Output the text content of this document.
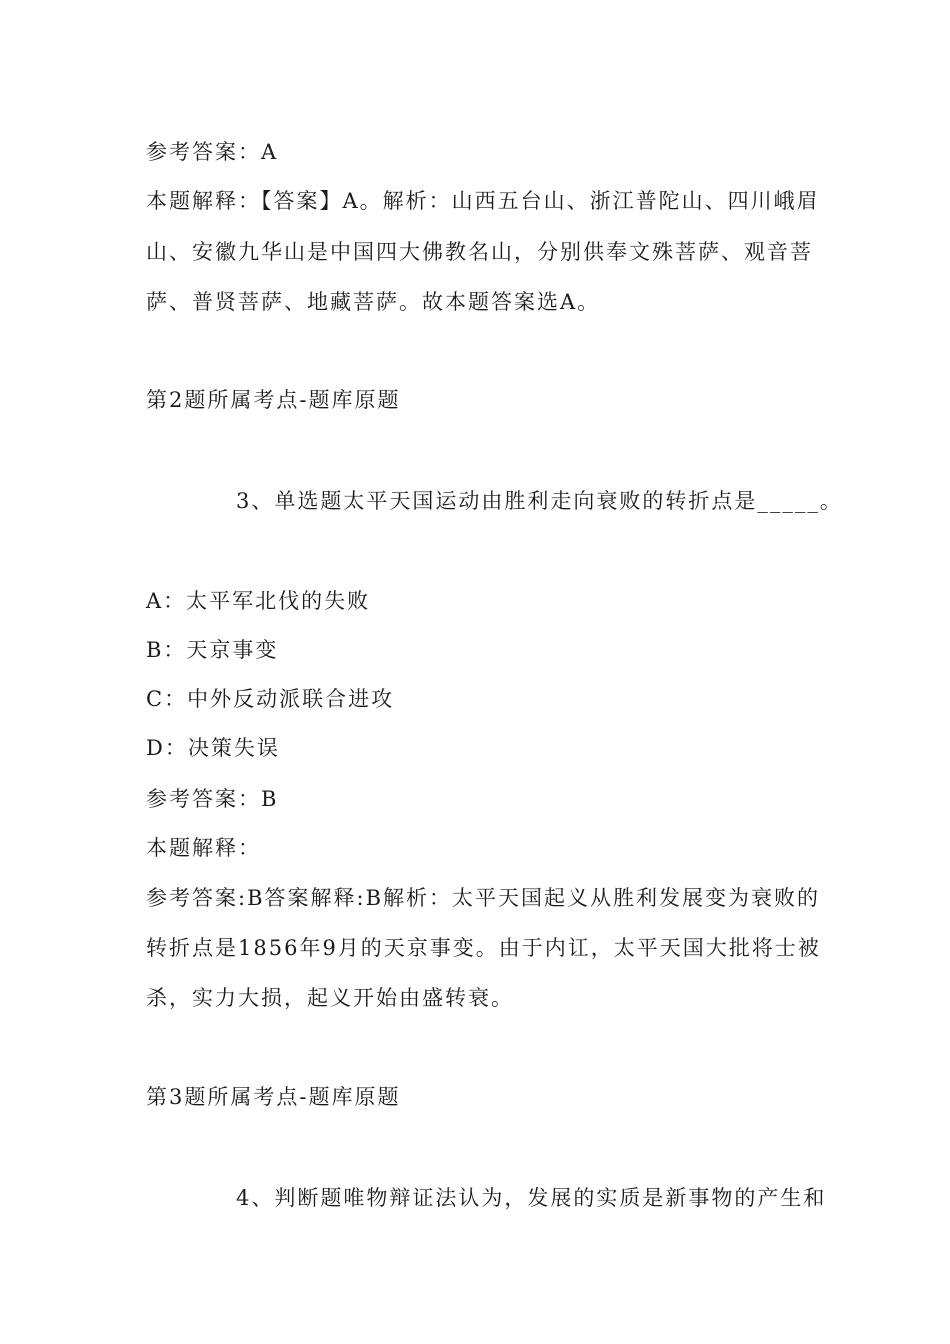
参考答案：A
本题解释：【答案】A。解析：山西五台山、浙江普陀山、四川峨眉
山、安徽九华山是中国四大佛教名山，分别供奉文殊菩萨、观音菩
萨、普贤菩萨、地藏菩萨。故本题答案选A。
第2题所属考点-题库原题
3、单选题太平天国运动由胜利走向衰败的转折点是_____。
A：太平军北伐的失败
B：天京事变
C：中外反动派联合进攻
D：决策失误
参考答案：B
本题解释：
参考答案:B答案解释:B解析：太平天国起义从胜利发展变为衰败的
转折点是1856年9月的天京事变。由于内讧，太平天国大批将士被
杀，实力大损，起义开始由盛转衰。
第3题所属考点-题库原题
4、判断题唯物辩证法认为，发展的实质是新事物的产生和
